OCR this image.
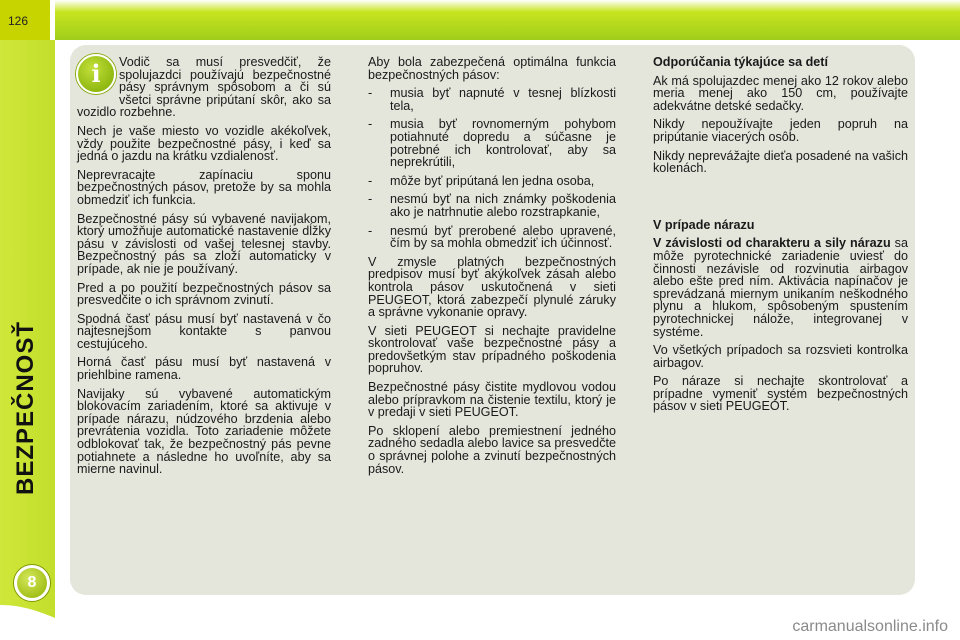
126
BEZPEČNOSŤ
8
i	Vodič sa musí presvedčiť, že spolujazdci používajú bezpečnostné pásy správnym spôsobom a či sú všetci správne pripútaní skôr, ako sa vozidlo rozbehne.

Nech je vaše miesto vo vozidle akékoľvek, vždy použite bezpečnostné pásy, i keď sa jedná o jazdu na krátku vzdialenosť.

Neprevracajte zapínaciu sponu bezpečnostných pásov, pretože by sa mohla obmedziť ich funkcia.

Bezpečnostné pásy sú vybavené navijakom, ktorý umožňuje automatické nastavenie dĺžky pásu v závislosti od vašej telesnej stavby. Bezpečnostný pás sa zloží automaticky v prípade, ak nie je používaný.

Pred a po použití bezpečnostných pásov sa presvedčite o ich správnom zvinutí.

Spodná časť pásu musí byť nastavená v čo najtesnejšom kontakte s panvou cestujúceho.

Horná časť pásu musí byť nastavená v priehlbine ramena.

Navijaky sú vybavené automatickým blokovacím zariadením, ktoré sa aktivuje v prípade nárazu, núdzového brzdenia alebo prevrátenia vozidla. Toto zariadenie môžete odblokovať tak, že bezpečnostný pás pevne potiahnete a následne ho uvoľníte, aby sa mierne navinul.

Aby bola zabezpečená optimálna funkcia bezpečnostných pásov:

-	musia byť napnuté v tesnej blízkosti tela,
-	musia byť rovnomerným pohybom potiahnuté dopredu a súčasne je potrebné ich kontrolovať, aby sa neprekrútili,
-	môže byť pripútaná len jedna osoba,
-	nesmú byť na nich známky poškodenia ako je natrhnutie alebo rozstrapkanie,
-	nesmú byť prerobené alebo upravené, čím by sa mohla obmedziť ich účinnosť.

V zmysle platných bezpečnostných predpisov musí byť akýkoľvek zásah alebo kontrola pásov uskutočnená v sieti PEUGEOT, ktorá zabezpečí plynulé záruky a správne vykonanie opravy.

V sieti PEUGEOT si nechajte pravidelne skontrolovať vaše bezpečnostné pásy a predovšetkým stav prípadného poškodenia popruhov.

Bezpečnostné pásy čistite mydlovou vodou alebo prípravkom na čistenie textilu, ktorý je v predaji v sieti PEUGEOT.

Po sklopení alebo premiestnení jedného zadného sedadla alebo lavice sa presvedčte o správnej polohe a zvinutí bezpečnostných pásov.

Odporúčania týkajúce sa detí

Ak má spolujazdec menej ako 12 rokov alebo meria menej ako 150 cm, používajte adekvátne detské sedačky.

Nikdy nepoužívajte jeden popruh na pripútanie viacerých osôb.

Nikdy neprevážajte dieťa posadené na vašich kolenách.

V prípade nárazu

V závislosti od charakteru a sily nárazu sa môže pyrotechnické zariadenie uviesť do činnosti nezávisle od rozvinutia airbagov alebo ešte pred ním. Aktivácia napínačov je sprevádzaná miernym unikaním neškodného plynu a hlukom, spôsobeným spustením pyrotechnickej nálože, integrovanej v systéme.

Vo všetkých prípadoch sa rozsvieti kontrolka airbagov.

Po náraze si nechajte skontrolovať a prípadne vymeniť systém bezpečnostných pásov v sieti PEUGEOT.

carmanualsonline.info
